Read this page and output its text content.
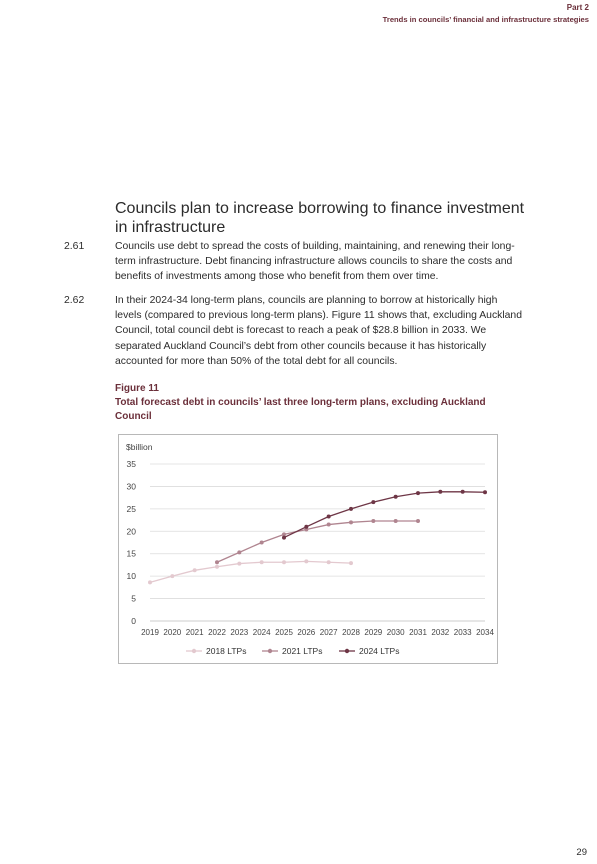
Part 2
Trends in councils’ financial and infrastructure strategies
Councils plan to increase borrowing to finance investment in infrastructure
2.61	Councils use debt to spread the costs of building, maintaining, and renewing their long-term infrastructure. Debt financing infrastructure allows councils to share the costs and benefits of investments among those who benefit from them over time.
2.62	In their 2024-34 long-term plans, councils are planning to borrow at historically high levels (compared to previous long-term plans). Figure 11 shows that, excluding Auckland Council, total council debt is forecast to reach a peak of $28.8 billion in 2033. We separated Auckland Council’s debt from other councils because it has historically accounted for more than 50% of the total debt for all councils.
Figure 11
Total forecast debt in councils’ last three long-term plans, excluding Auckland Council
$billion
0
5
10
15
20
25
30
35
2019 2020 2021 2022 2023 2024 2025 2026 2027 2028 2029 2030 2031 2032 2033 2034
2018 LTPs	2021 LTPs	2024 LTPs
29
